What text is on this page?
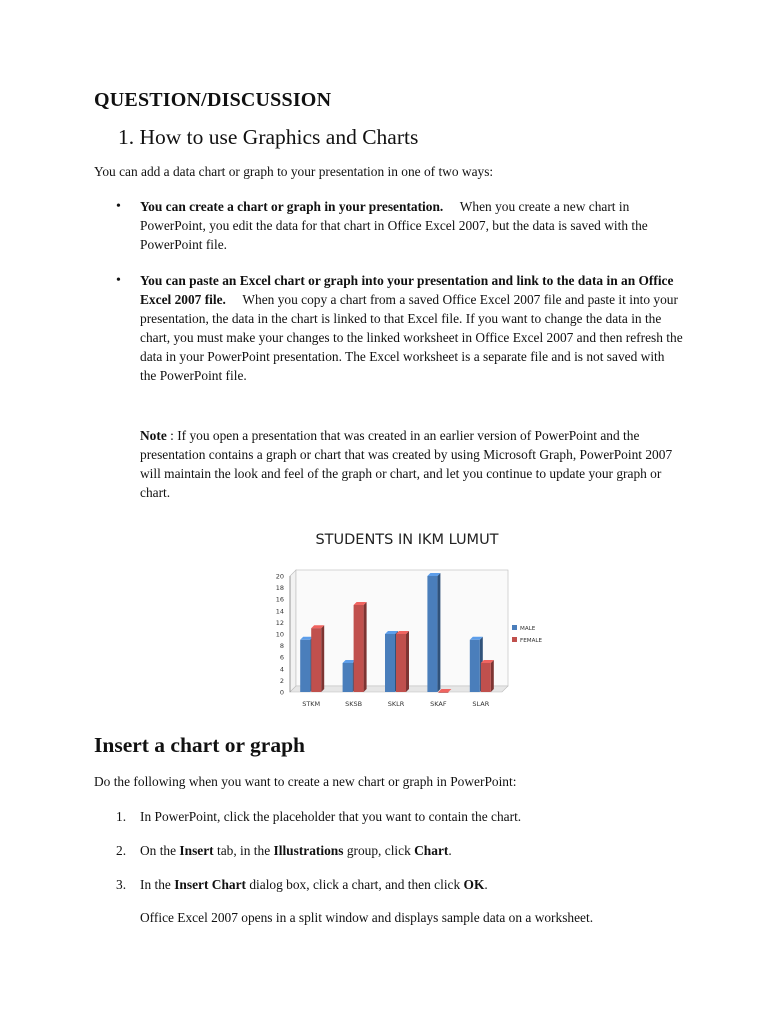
QUESTION/DISCUSSION
1. How to use Graphics and Charts

You can add a data chart or graph to your presentation in one of two ways:

• You can create a chart or graph in your presentation. When you create a new chart in PowerPoint, you edit the data for that chart in Office Excel 2007, but the data is saved with the PowerPoint file.
• You can paste an Excel chart or graph into your presentation and link to the data in an Office Excel 2007 file. When you copy a chart from a saved Office Excel 2007 file and paste it into your presentation, the data in the chart is linked to that Excel file. If you want to change the data in the chart, you must make your changes to the linked worksheet in Office Excel 2007 and then refresh the data in your PowerPoint presentation. The Excel worksheet is a separate file and is not saved with the PowerPoint file.

Note : If you open a presentation that was created in an earlier version of PowerPoint and the presentation contains a graph or chart that was created by using Microsoft Graph, PowerPoint 2007 will maintain the look and feel of the graph or chart, and let you continue to update your graph or chart.

STUDENTS IN IKM LUMUT
0
2
4
6
8
10
12
14
16
18
20
STKM	SKSB	SKLR	SKAF	SLAR
MALE
FEMALE
Insert a chart or graph

Do the following when you want to create a new chart or graph in PowerPoint:

1. In PowerPoint, click the placeholder that you want to contain the chart.
2. On the Insert tab, in the Illustrations group, click Chart.
3. In the Insert Chart dialog box, click a chart, and then click OK.

Office Excel 2007 opens in a split window and displays sample data on a worksheet.
